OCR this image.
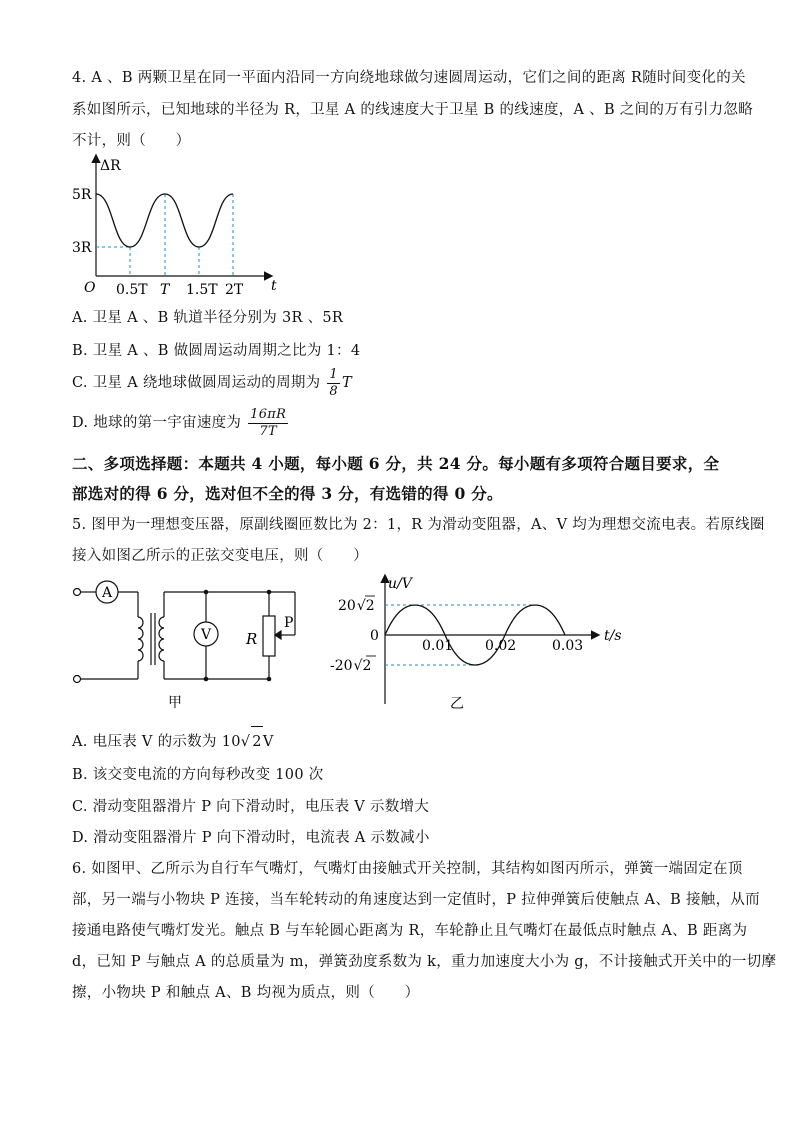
4. A 、B 两颗卫星在同一平面内沿同一方向绕地球做匀速圆周运动，它们之间的距离 R随时间变化的关
系如图所示，已知地球的半径为 R，卫星 A 的线速度大于卫星 B 的线速度，A 、B 之间的万有引力忽略
不计，则（　　）
ΔR
t
5R
3R
O 0.5T T 1.5T 2T
A. 卫星 A 、B 轨道半径分别为 3R 、5R
B. 卫星 A 、B 做圆周运动周期之比为 1：4
C. 卫星 A 绕地球做圆周运动的周期为 $\frac{1}{8}$ T
D. 地球的第一宇宙速度为 $\frac{16\pi R}{7T}$
二、多项选择题：本题共 4 小题，每小题 6 分，共 24 分。每小题有多项符合题目要求，全
部选对的得 6 分，选对但不全的得 3 分，有选错的得 0 分。
5. 图甲为一理想变压器，原副线圈匝数比为 2：1，R 为滑动变阻器，A、V 均为理想交流电表。若原线圈
接入如图乙所示的正弦交变电压，则（　　）
A
V R
P
甲
u/V
t/s
0
20√2
-20√2
0.01 0.02	0.03
乙
A. 电压表 V 的示数为 10√ 2V
B. 该交变电流的方向每秒改变 100 次
C. 滑动变阻器滑片 P 向下滑动时，电压表 V 示数增大
D. 滑动变阻器滑片 P 向下滑动时，电流表 A 示数减小
6. 如图甲、乙所示为自行车气嘴灯，气嘴灯由接触式开关控制，其结构如图丙所示，弹簧一端固定在顶
部，另一端与小物块 P 连接，当车轮转动的角速度达到一定值时，P 拉伸弹簧后使触点 A、B 接触，从而
接通电路使气嘴灯发光。触点 B 与车轮圆心距离为 R，车轮静止且气嘴灯在最低点时触点 A、B 距离为
d，已知 P 与触点 A 的总质量为 m，弹簧劲度系数为 k，重力加速度大小为 g，不计接触式开关中的一切摩
擦，小物块 P 和触点 A、B 均视为质点，则（　　）
